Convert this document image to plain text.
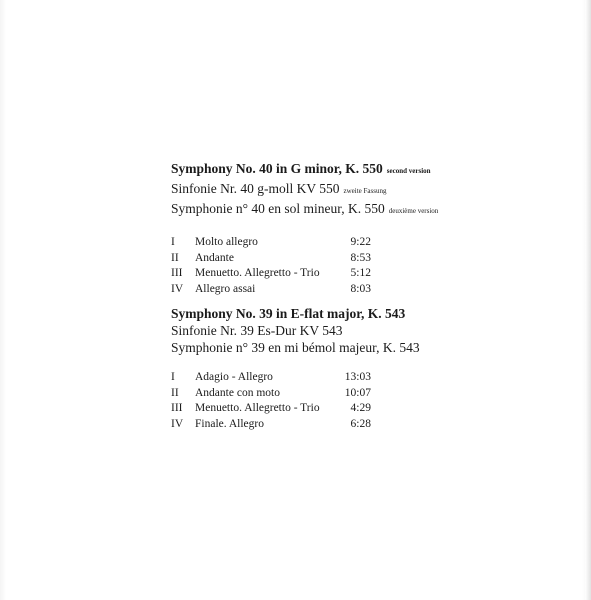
Symphony No. 40 in G minor, K. 550 second version
Sinfonie Nr. 40 g-moll KV 550 zweite Fassung
Symphonie n° 40 en sol mineur, K. 550 deuxième version
I Molto allegro	9:22
II Andante	8:53
III Menuetto. Allegretto - Trio	5:12
IV Allegro assai	8:03
Symphony No. 39 in E-flat major, K. 543
Sinfonie Nr. 39 Es-Dur KV 543
Symphonie n° 39 en mi bémol majeur, K. 543
I Adagio - Allegro	13:03
II Andante con moto	10:07
III Menuetto. Allegretto - Trio	4:29
IV Finale. Allegro	6:28
